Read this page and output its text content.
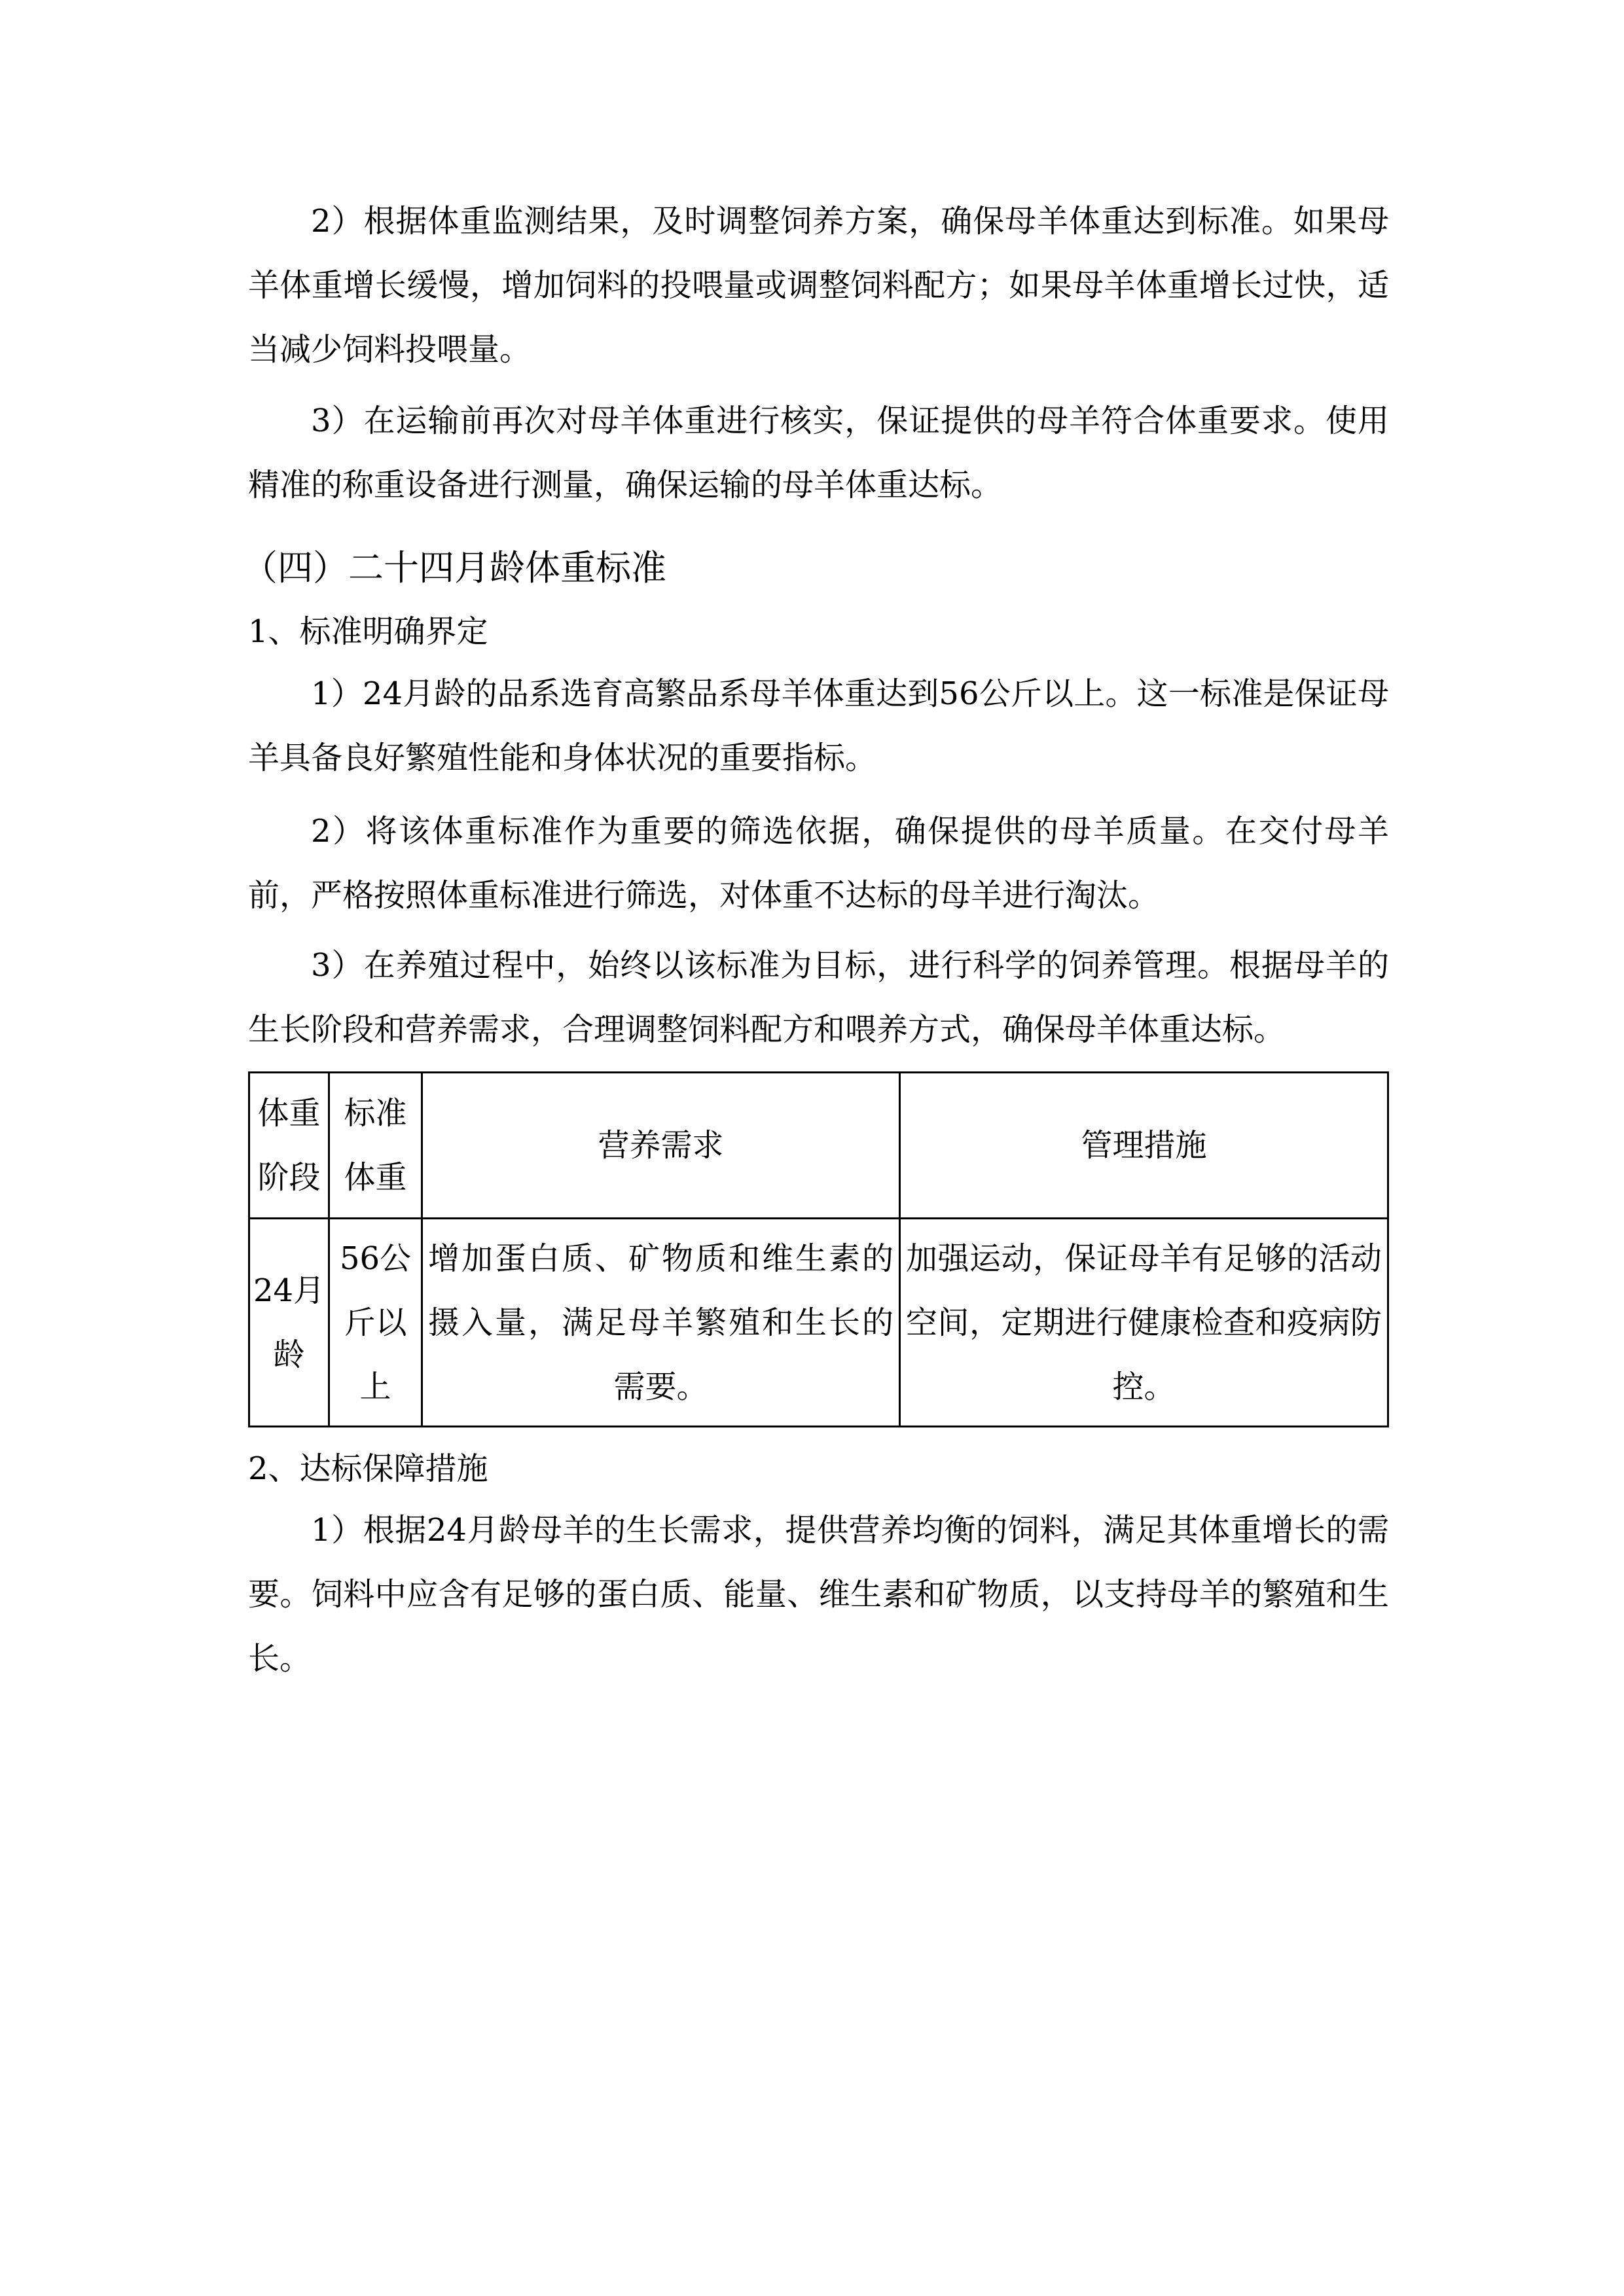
2）根据体重监测结果，及时调整饲养方案，确保母羊体重达到标准。如果母羊体重增长缓慢，增加饲料的投喂量或调整饲料配方；如果母羊体重增长过快，适当减少饲料投喂量。

3）在运输前再次对母羊体重进行核实，保证提供的母羊符合体重要求。使用精准的称重设备进行测量，确保运输的母羊体重达标。

（四）二十四月龄体重标准

1、标准明确界定

1）24月龄的品系选育高繁品系母羊体重达到56公斤以上。这一标准是保证母羊具备良好繁殖性能和身体状况的重要指标。

2）将该体重标准作为重要的筛选依据，确保提供的母羊质量。在交付母羊前，严格按照体重标准进行筛选，对体重不达标的母羊进行淘汰。

3）在养殖过程中，始终以该标准为目标，进行科学的饲养管理。根据母羊的生长阶段和营养需求，合理调整饲料配方和喂养方式，确保母羊体重达标。

体重阶段	标准体重	营养需求	管理措施
24月龄	56公斤以上	增加蛋白质、矿物质和维生素的摄入量，满足母羊繁殖和生长的需要。	加强运动，保证母羊有足够的活动空间，定期进行健康检查和疫病防控。

2、达标保障措施

1）根据24月龄母羊的生长需求，提供营养均衡的饲料，满足其体重增长的需要。饲料中应含有足够的蛋白质、能量、维生素和矿物质，以支持母羊的繁殖和生长。
